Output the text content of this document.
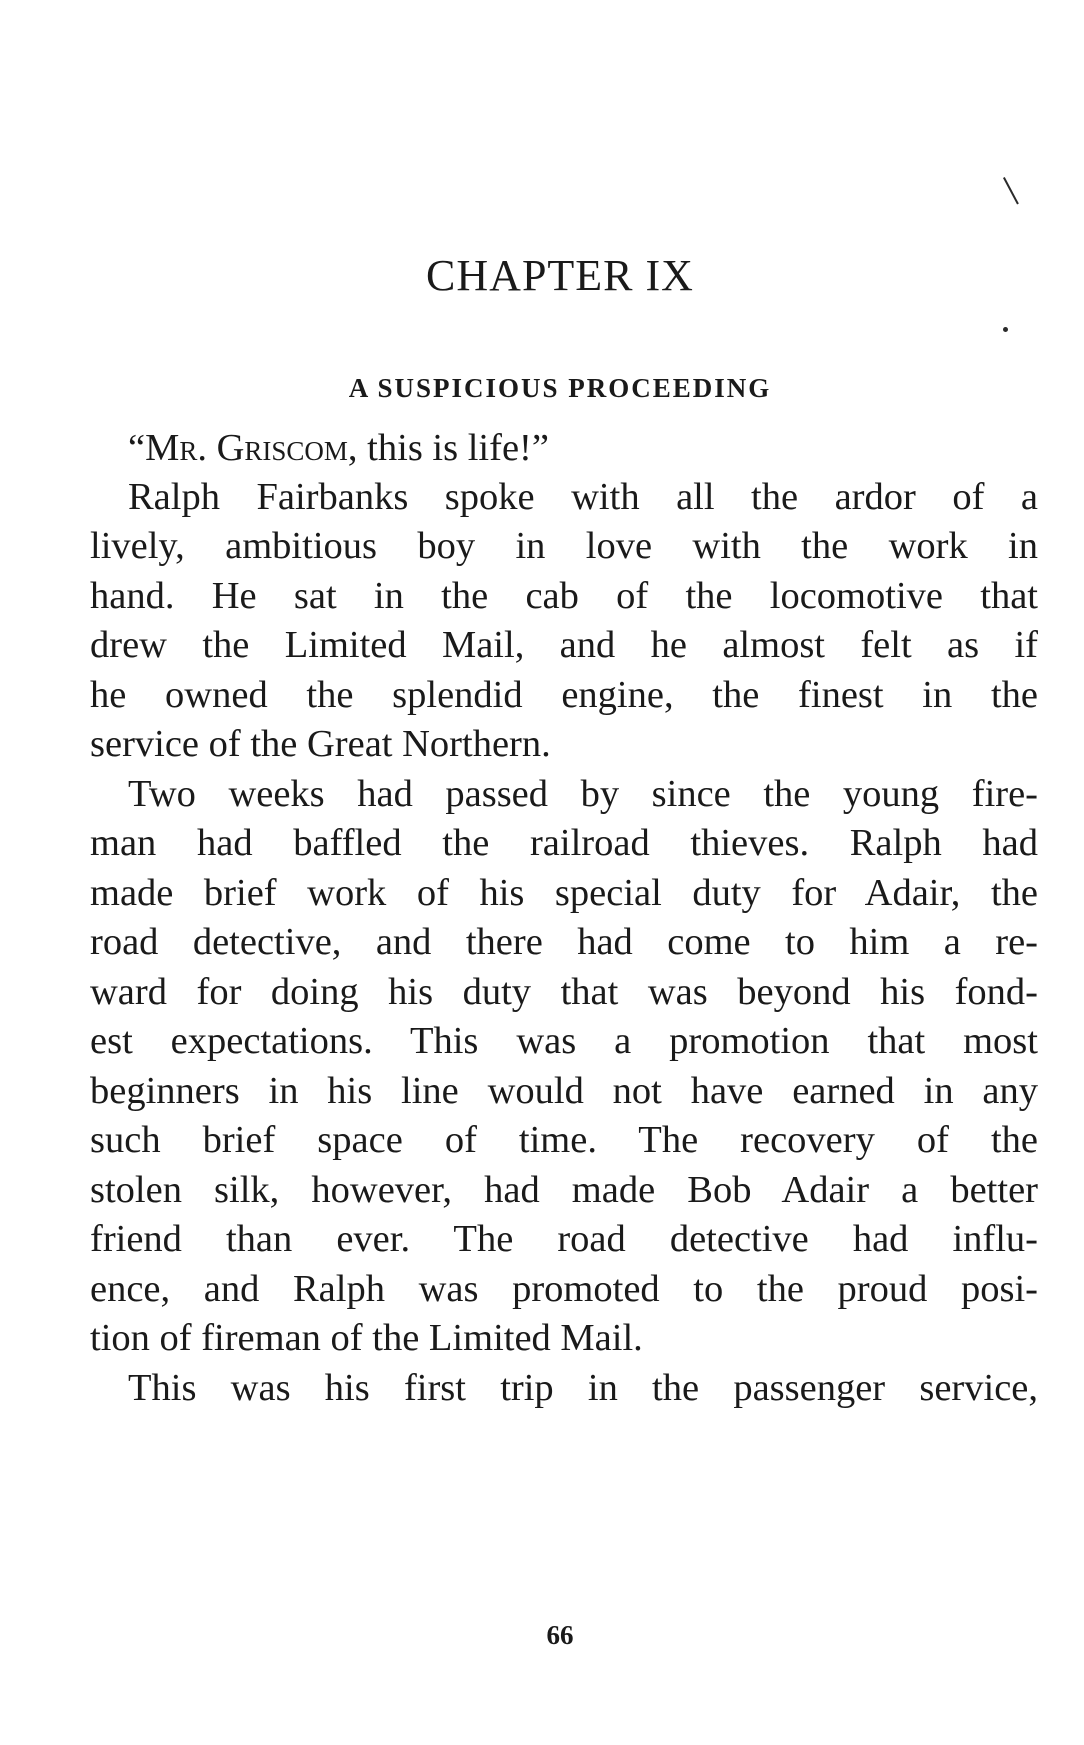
CHAPTER IX
A SUSPICIOUS PROCEEDING
“Mr. Griscom, this is life!”
Ralph Fairbanks spoke with all the ardor of a
lively, ambitious boy in love with the work in
hand. He sat in the cab of the locomotive that
drew the Limited Mail, and he almost felt as if
he owned the splendid engine, the finest in the
service of the Great Northern.
Two weeks had passed by since the young fire-
man had baffled the railroad thieves. Ralph had
made brief work of his special duty for Adair, the
road detective, and there had come to him a re-
ward for doing his duty that was beyond his fond-
est expectations. This was a promotion that most
beginners in his line would not have earned in any
such brief space of time. The recovery of the
stolen silk, however, had made Bob Adair a better
friend than ever. The road detective had influ-
ence, and Ralph was promoted to the proud posi-
tion of fireman of the Limited Mail.
This was his first trip in the passenger service,
66
